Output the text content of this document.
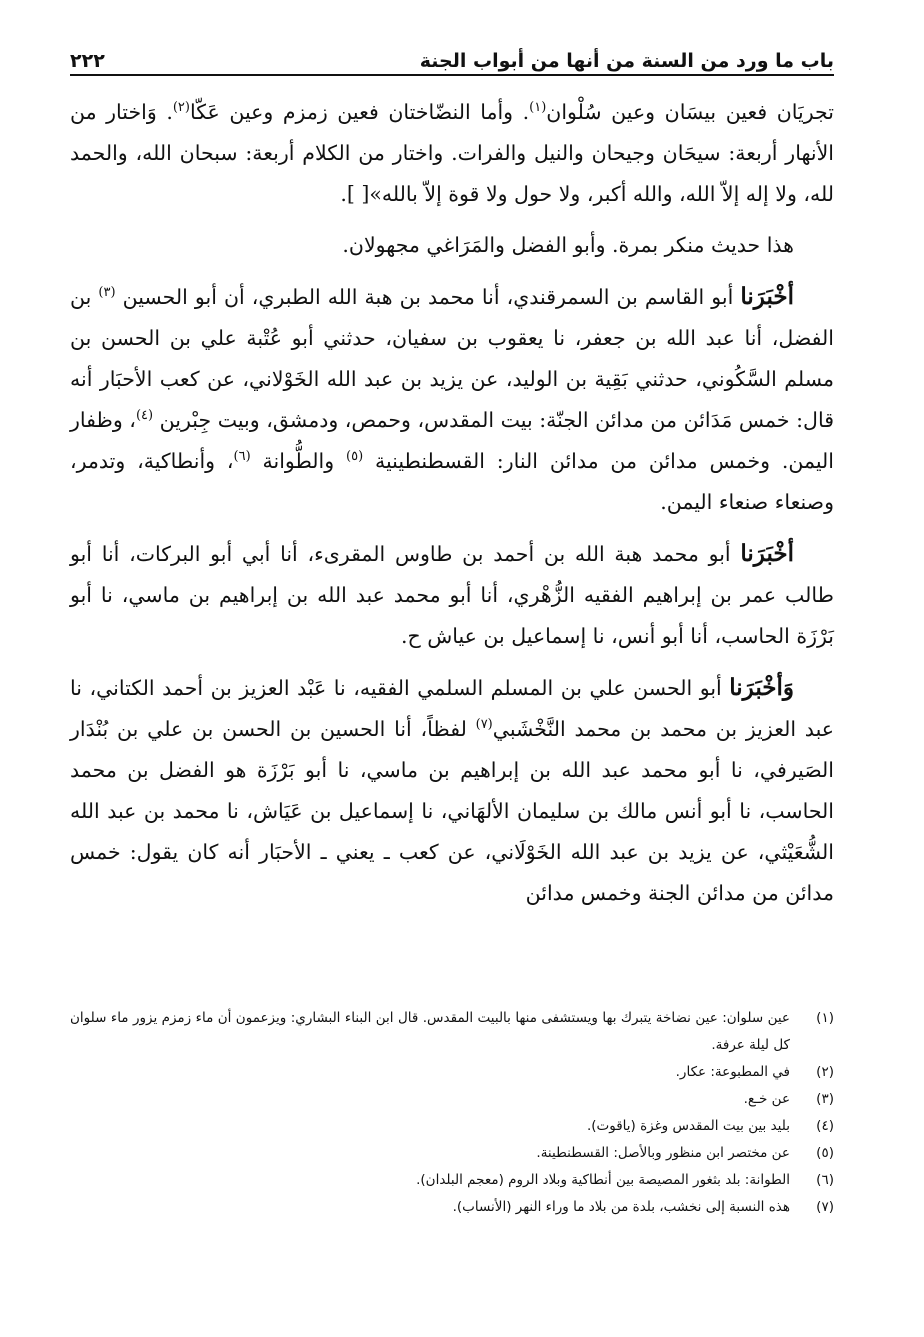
باب ما ورد من السنة من أنها من أبواب الجنة
٢٢٢

تجريَان فعين بيسَان وعين سُلْوان$^{(١)}$. وأما النضّاختان فعين زمزم وعين عَكّا$^{(٢)}$. وَاختار من الأنهار أربعة: سيحَان وجيحان والنيل والفرات. واختار من الكلام أربعة: سبحان الله، والحمد لله، ولا إله إلاّ الله، والله أكبر، ولا حول ولا قوة إلاّ بالله»[ ].

هذا حديث منكر بمرة. وأبو الفضل والمَرَاغي مجهولان.

أخْبَرَنا أبو القاسم بن السمرقندي، أنا محمد بن هبة الله الطبري، أن أبو الحسين $^{(٣)}$ بن الفضل، أنا عبد الله بن جعفر، نا يعقوب بن سفيان، حدثني أبو عُتْبة علي بن الحسن بن مسلم السَّكُوني، حدثني بَقِية بن الوليد، عن يزيد بن عبد الله الخَوْلاني، عن كعب الأحبَار أنه قال: خمس مَدَائن من مدائن الجنّة: بيت المقدس، وحمص، ودمشق، وبيت جِبْرين $^{(٤)}$، وظفار اليمن. وخمس مدائن من مدائن النار: القسطنطينية $^{(٥)}$ والطُّوانة $^{(٦)}$، وأنطاكية، وتدمر، وصنعاء صنعاء اليمن.

أخْبَرَنا أبو محمد هبة الله بن أحمد بن طاوس المقرىء، أنا أبي أبو البركات، أنا أبو طالب عمر بن إبراهيم الفقيه الزُّهْري، أنا أبو محمد عبد الله بن إبراهيم بن ماسي، نا أبو بَرْزَة الحاسب، أنا أبو أنس، نا إسماعيل بن عياش ح.

وَأخْبَرَنا أبو الحسن علي بن المسلم السلمي الفقيه، نا عَبْد العزيز بن أحمد الكتاني، نا عبد العزيز بن محمد بن محمد النَّخْشَبي$^{(٧)}$ لفظاً، أنا الحسين بن الحسن بن علي بن بُنْدَار الصَيرفي، نا أبو محمد عبد الله بن إبراهيم بن ماسي، نا أبو بَرْزَة هو الفضل بن محمد الحاسب، نا أبو أنس مالك بن سليمان الألهَاني، نا إسماعيل بن عَيَاش، نا محمد بن عبد الله الشُّعَيْثي، عن يزيد بن عبد الله الخَوْلَاني، عن كعب ـ يعني ـ الأحبَار أنه كان يقول: خمس مدائن من مدائن الجنة وخمس مدائن

(١)
عين سلوان: عين نضاخة يتبرك بها ويستشفى منها بالبيت المقدس. قال ابن البناء البشاري: ويزعمون أن ماء زمزم يزور ماء سلوان كل ليلة عرفة.
(٢)
في المطبوعة: عكار.
(٣)
عن خـع.
(٤)
بليد بين بيت المقدس وغزة (ياقوت).
(٥)
عن مختصر ابن منظور وبالأصل: القسطنطينة.
(٦)
الطوانة: بلد بثغور المصيصة بين أنطاكية وبلاد الروم (معجم البلدان).
(٧)
هذه النسبة إلى نخشب، بلدة من بلاد ما وراء النهر (الأنساب).
